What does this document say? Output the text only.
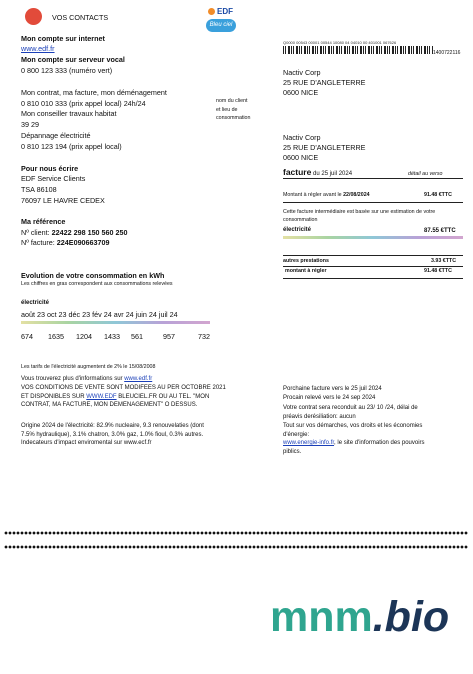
VOS CONTACTS
EDF
Bleu ciel
Mon compte sur internet
www.edf.fr
Mon compte sur serveur vocal
0 800 123 333 (numéro vert)
Mon contrat, ma facture, mon déménagement
0 810 010 333 (prix appel local) 24h/24
Mon conseiller travaux habitat
39 29
Dépannage électricité
0 810 123 194 (prix appel local)
Pour nous écrire
EDF Service Clients
TSA 86108
76097 LE HAVRE CEDEX
Ma référence
Nº client: 22422 298 150 560 250
Nº facture: 224E090663709
nom du client
et lieu de
consommation
Q0000 00543 00001 00544 10080 04 04010 00 401001 067626
1400722116
Nactiv Corp
25 RUE D'ANGLETERRE
0600 NICE
Nactiv Corp
25 RUE D'ANGLETERRE
0600 NICE
facture du 25 juil 2024	détail au verso
Montant à régler avant le 22/08/2024	91.48 €TTC
Cette facture intermédiaire est basée sur une estimation de votre consommation
électricité	87.55 €TTC
autres prestations	3.93 €TTC
montant à régler	91.48 €TTC
Evolution de votre consommation en kWh
Les chiffres en gras correspondent aux consommations relevées
électricité
août 23 oct 23 déc 23 fév 24 avr 24 juin 24 juil 24
674 1635 1204 1433 561	957	732
Les tarifs de l'électricité augmentent de 2% le 15/08/2008
Vous trouverez plus d'informations sur www.edf.fr
VOS CONDITIONS DE VENTE SONT MODIFEES AU PER OCTOBRE 2021
ET DISPONIBLES SUR WWW.EDF BLEUCIEL.FR OU AU TEL. "MON
CONTRAT, MA FACTURE, MON DEMENAGEMENT" O DESSUS.
Origine 2024 de l'électricité: 82.9% nucleaire, 9.3 renouvelaties (dont
7.5% hydraulique), 3.1% chatron, 3.0% gaz, 1.0% fioul, 0.3% autres.
Indecateurs d'impact enviromental sur www.ecf.fr
Porchaine facture vers le 25 juil 2024
Procain relevé vers le 24 sep 2024
Votre contrat sera reconduit au 23/ 10 /24, délai de
préavis derésiliation: aucun
Tout sur vos démarches, vos droits et les économies
d'énergie:
www.energie-info.fr, le site d'information des pouvoirs
piblics.
mnm.bio
